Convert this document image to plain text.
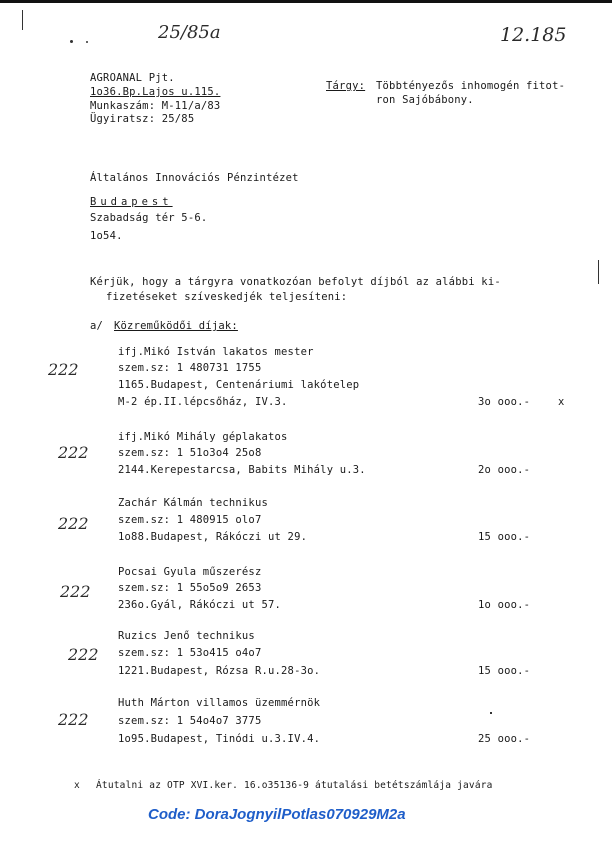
25/85a	12.185
AGROANAL Pjt.
1o36.Bp.Lajos u.115.
Munkaszám: M-11/a/83
Ügyiratsz: 25/85
Tárgy: Többtényezős inhomogén fitot-
ron Sajóbábony.
Általános Innovációs Pénzintézet
Budapest
Szabadság tér 5-6.
1o54.
Kérjük, hogy a tárgyra vonatkozóan befolyt díjból az alábbi ki-
fizetéseket szíveskedjék teljesíteni:
a/ Közreműködői díjak:
222
ifj.Mikó István lakatos mester
szem.sz: 1 480731 1755
1165.Budapest, Centenáriumi lakótelep
M-2 ép.II.lépcsőház, IV.3.	3o ooo.-	x
222
ifj.Mikó Mihály géplakatos
szem.sz: 1 51o3o4 25o8
2144.Kerepestarcsa, Babits Mihály u.3.	2o ooo.-
222
Zachár Kálmán technikus
szem.sz: 1 480915 olo7
1o88.Budapest, Rákóczi ut 29.	15 ooo.-
222
Pocsai Gyula műszerész
szem.sz: 1 55o5o9 2653
236o.Gyál, Rákóczi ut 57.	1o ooo.-
222
Ruzics Jenő technikus
szem.sz: 1 53o415 o4o7
1221.Budapest, Rózsa R.u.28-3o.	15 ooo.-
222
Huth Márton villamos üzemmérnök
szem.sz: 1 54o4o7 3775
1o95.Budapest, Tinódi u.3.IV.4.	25 ooo.-
x Átutalni az OTP XVI.ker. 16.o35136-9 átutalási betétszámlája javára
Code: DoraJognyilPotlas070929M2a
